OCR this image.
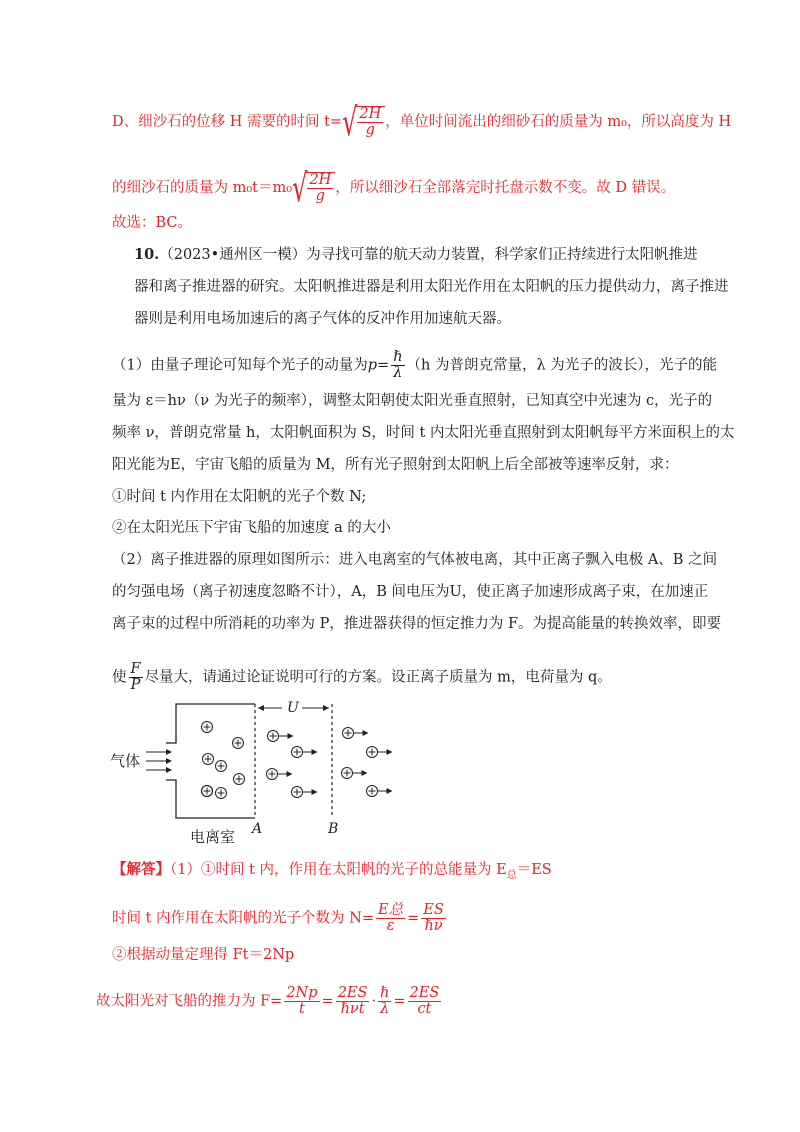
D、细沙石的位移 H 需要的时间 $t=√ \frac{2H}{g}$ ，单位时间流出的细砂石的质量为 m₀，所以高度为 H
的细沙石的质量为 $m_0t=m_0√ \frac{2H}{g}$ ，所以细沙石全部落完时托盘示数不变。故 D 错误。
故选：BC。
10.（2023•通州区一模）为寻找可靠的航天动力装置，科学家们正持续进行太阳帆推进
器和离子推进器的研究。太阳帆推进器是利用太阳光作用在太阳帆的压力提供动力，离子推进
器则是利用电场加速后的离子气体的反冲作用加速航天器。
（1）由量子理论可知每个光子的动量为$p= \frac{\text{ℏ}}{\lambda} (h$ 为普朗克常量，λ 为光子的波长），光子的能
量为 ε＝hν（ν 为光子的频率），调整太阳朝使太阳光垂直照射，已知真空中光速为 c，光子的
频率 ν，普朗克常量 h，太阳帆面积为 S，时间 t 内太阳光垂直照射到太阳帆每平方米面积上的太
阳光能为E，宇宙飞船的质量为 M，所有光子照射到太阳帆上后全部被等速率反射，求：
①时间 t 内作用在太阳帆的光子个数 N;
②在太阳光压下宇宙飞船的加速度 a 的大小
（2）离子推进器的原理如图所示：进入电离室的气体被电离，其中正离子飘入电极 A、B 之间
的匀强电场（离子初速度忽略不计），A，B 间电压为U，使正离子加速形成离子束，在加速正
离子束的过程中所消耗的功率为 P，推进器获得的恒定推力为 F。为提高能量的转换效率，即要
使 $\frac{F}{P}$ 尽量大，请通过论证说明可行的方案。设正离子质量为 m，电荷量为 q。
U
气体
A	B
电离室
【解答】（1）①时间 t 内，作用在太阳帆的光子的总能量为 $E_总=ES$
时间 t 内作用在太阳帆的光子个数为 $N= \frac{\text{E总}}{\varepsilon} = \frac{ES}{\text{ℏν}}$
②根据动量定理得 Ft＝2Np
故太阳光对飞船的推力为 $F= \frac{2Np}{t} = \frac{2ES}{\text{ℏνt}} \cdot \frac{\text{ℏ}}{\lambda} = \frac{2ES}{ct}$
